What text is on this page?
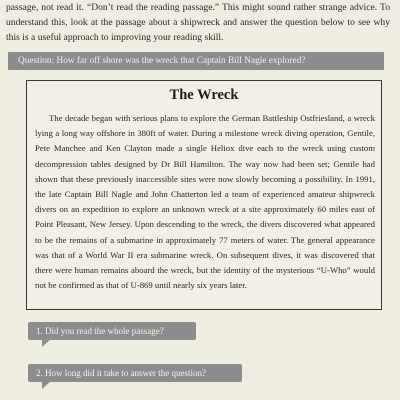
passage, not read it. “Don’t read the reading passage.” This might sound rather strange advice. To understand this, look at the passage about a shipwreck and answer the question below to see why this is a useful approach to improving your reading skill.

Question: How far off shore was the wreck that Captain Bill Nagle explored?
The Wreck

The decade began with serious plans to explore the German Battleship Ostfriesland, a wreck lying a long way offshore in 380ft of water. During a milestone wreck diving operation, Gentile, Pete Manchee and Ken Clayton made a single Heliox dive each to the wreck using custom decompression tables designed by Dr Bill Hamilton. The way now had been set; Gentile had shown that these previously inaccessible sites were now slowly becoming a possibility. In 1991, the late Captain Bill Nagle and John Chatterton led a team of experienced amateur shipwreck divers on an expedition to explore an unknown wreck at a site approximately 60 miles east of Point Pleasant, New Jersey. Upon descending to the wreck, the divers discovered what appeared to be the remains of a submarine in approximately 77 meters of water. The general appearance was that of a World War II era submarine wreck. On subsequent dives, it was discovered that there were human remains aboard the wreck, but the identity of the mysterious “U-Who” would not be confirmed as that of U-869 until nearly six years later.

1. Did you read the whole passage?
2. How long did it take to answer the question?
